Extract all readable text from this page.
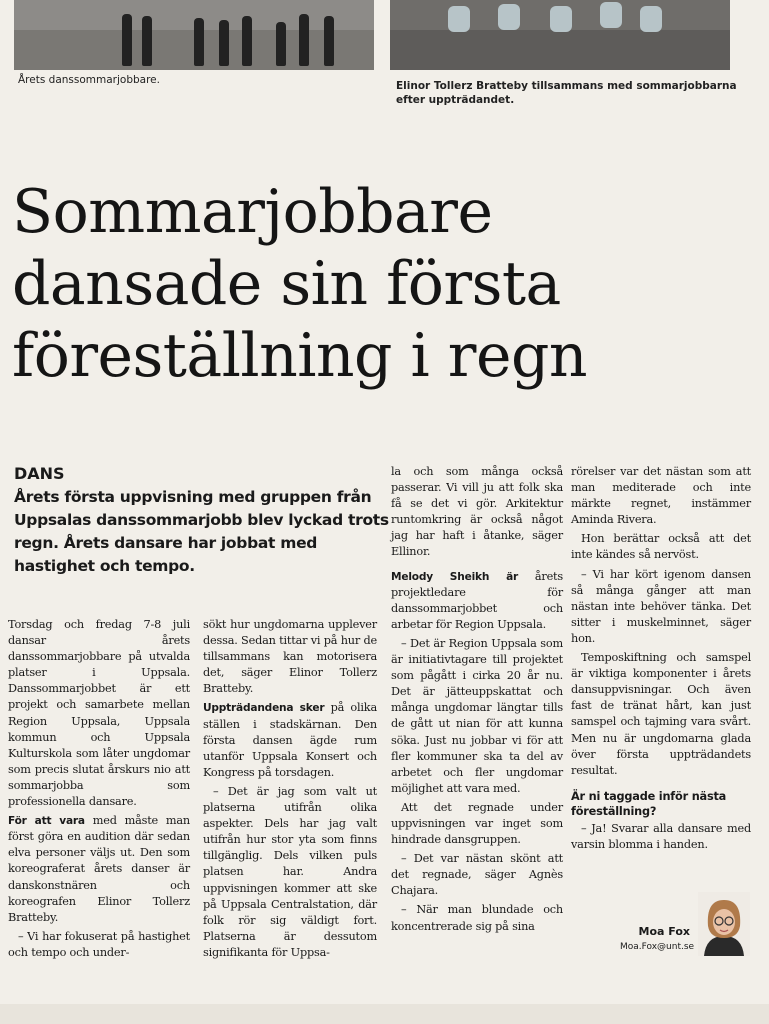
Årets danssommarjobbare.	Elinor Tollerz Bratteby tillsammans med sommarjobbarna efter uppträdandet.
Sommarjobbare dansade sin första föreställning i regn
DANS
Årets första uppvisning med gruppen från Uppsalas danssommarjobb blev lyckad trots regn. Årets dansare har jobbat med hastighet och tempo.

Torsdag och fredag 7-8 juli dansar årets danssommarjobbare på utvalda platser i Uppsala. Danssommarjobbet är ett projekt och samarbete mellan Region Uppsala, Uppsala kommun och Uppsala Kulturskola som låter ungdomar som precis slutat årskurs nio att sommarjobba som professionella dansare.

För att vara med måste man först göra en audition där sedan elva personer väljs ut. Den som koreograferat årets danser är danskonstnären och koreografen Elinor Tollerz Bratteby.

– Vi har fokuserat på hastighet och tempo och under-

sökt hur ungdomarna upplever dessa. Sedan tittar vi på hur de tillsammans kan motorisera det, säger Elinor Tollerz Bratteby.

Uppträdandena sker på olika ställen i stadskärnan. Den första dansen ägde rum utanför Uppsala Konsert och Kongress på torsdagen.

– Det är jag som valt ut platserna utifrån olika aspekter. Dels har jag valt utifrån hur stor yta som finns tillgänglig. Dels vilken puls platsen har. Andra uppvisningen kommer att ske på Uppsala Centralstation, där folk rör sig väldigt fort. Platserna är dessutom signifikanta för Uppsa-

la och som många också passerar. Vi vill ju att folk ska få se det vi gör. Arkitektur runtomkring är också något jag har haft i åtanke, säger Ellinor.

Melody Sheikh är årets projektledare för danssommarjobbet och arbetar för Region Uppsala.

– Det är Region Uppsala som är initiativtagare till projektet som pågått i cirka 20 år nu. Det är jätteuppskattat och många ungdomar längtar tills de gått ut nian för att kunna söka. Just nu jobbar vi för att fler kommuner ska ta del av arbetet och fler ungdomar möjlighet att vara med.

Att det regnade under uppvisningen var inget som hindrade dansgruppen.

– Det var nästan skönt att det regnade, säger Agnès Chajara.

– När man blundade och koncentrerade sig på sina

rörelser var det nästan som att man mediterade och inte märkte regnet, instämmer Aminda Rivera.

Hon berättar också att det inte kändes så nervöst.

– Vi har kört igenom dansen så många gånger att man nästan inte behöver tänka. Det sitter i muskelminnet, säger hon.

Temposkiftning och samspel är viktiga komponenter i årets dansuppvisningar. Och även fast de tränat hårt, kan just samspel och tajming vara svårt. Men nu är ungdomarna glada över första uppträdandets resultat.

Är ni taggade inför nästa föreställning?

– Ja! Svarar alla dansare med varsin blomma i handen.

Moa Fox
Moa.Fox@unt.se
